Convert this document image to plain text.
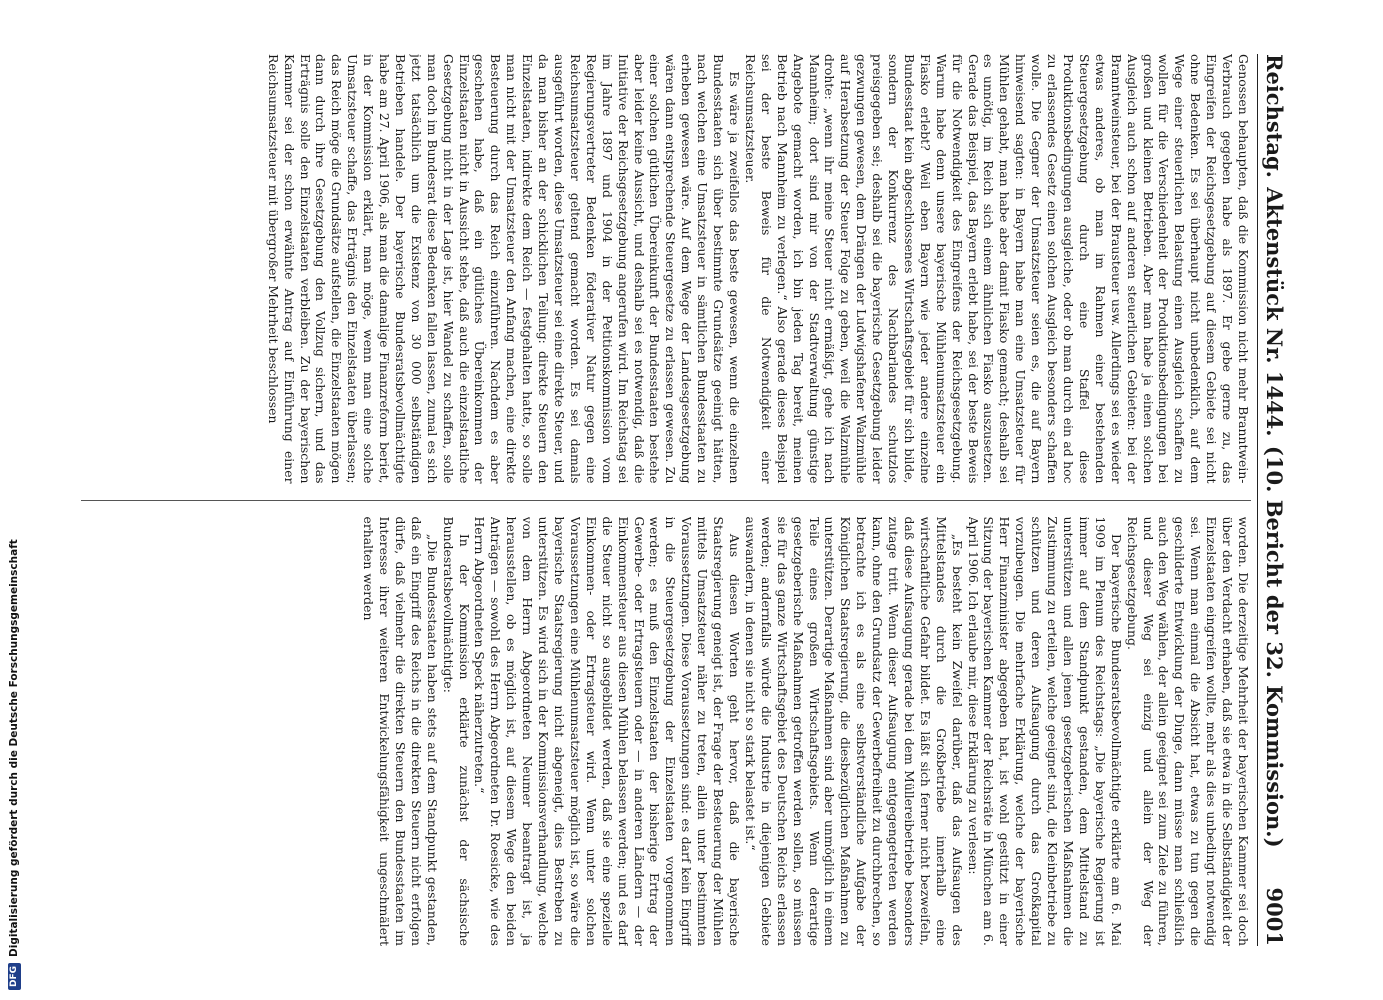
DFG
Digitalisierung gefördert durch die Deutsche Forschungsgemeinschaft
Reichstag.
Aktenstück Nr. 1444.
(10. Bericht der 32. Kommission.)
9001

Genossen behaupten, daß die Kommission nicht mehr Branntwein-Verbrauch gegeben habe als 1897. Er gebe gerne zu, das Eingreifen der Reichsgesetzgebung auf diesem Gebiete sei nicht ohne Bedenken. Es sei überhaupt nicht unbedenklich, auf dem Wege einer steuerlichen Belastung einen Ausgleich schaffen zu wollen für die Verschiedenheit der Produktionsbedingungen bei großen und kleinen Betrieben. Aber man habe ja einen solchen Ausgleich auch schon auf anderen steuerlichen Gebieten: bei der Branntweinsteuer, bei der Brausteuer usw. Allerdings sei es wieder etwas anderes, ob man im Rahmen einer bestehenden Steuergesetzgebung durch eine Staffel diese Produktionsbedingungen ausgleiche, oder ob man durch ein ad hoc zu erlassendes Gesetz einen solchen Ausgleich besonders schaffen wolle. Die Gegner der Umsatzsteuer seien es, die auf Bayern hinweisend sagten: in Bayern habe man eine Umsatzsteuer für Mühlen gehabt, man habe aber damit Fiasko gemacht; deshalb sei es unnötig, im Reich sich einem ähnlichen Fiasko auszusetzen. Gerade das Beispiel, das Bayern erlebt habe, sei der beste Beweis für die Notwendigkeit des Eingreifens der Reichsgesetzgebung. Warum habe denn unsere bayerische Mühlenumsatzsteuer ein Fiasko erlebt? Weil eben Bayern wie jeder andere einzelne Bundesstaat kein abgeschlossenes Wirtschaftsgebiet für sich bilde, sondern der Konkurrenz des Nachbarlandes schutzlos preisgegeben sei; deshalb sei die bayerische Gesetzgebung leider gezwungen gewesen, dem Drängen der Ludwigshafener Walzmühle auf Herabsetzung der Steuer Folge zu geben, weil die Walzmühle drohte: „wenn ihr meine Steuer nicht ermäßigt, gehe ich nach Mannheim; dort sind mir von der Stadtverwaltung günstige Angebote gemacht worden, ich bin jeden Tag bereit, meinen Betrieb nach Mannheim zu verlegen.“ Also gerade dieses Beispiel sei der beste Beweis für die Notwendigkeit einer Reichsumsatzsteuer.

Es wäre ja zweifellos das beste gewesen, wenn die einzelnen Bundesstaaten sich über bestimmte Grundsätze geeinigt hätten, nach welchen eine Umsatzsteuer in sämtlichen Bundesstaaten zu erheben gewesen wäre. Auf dem Wege der Landesgesetzgebung wären dann entsprechende Steuergesetze zu erlassen gewesen. Zu einer solchen gütlichen Übereinkunft der Bundesstaaten bestehe aber leider keine Aussicht, und deshalb sei es notwendig, daß die Initiative der Reichsgesetzgebung angerufen wird. Im Reichstag sei im Jahre 1897 und 1904 in der Petitionskommission vom Regierungsvertreter Bedenken föderativer Natur gegen eine Reichsumsatzsteuer geltend gemacht worden. Es sei damals ausgeführt worden, diese Umsatzsteuer sei eine direkte Steuer, und da man bisher an der schicklichen Teilung: direkte Steuern den Einzelstaaten, indirekte dem Reich — festgehalten hatte, so solle man nicht mit der Umsatzsteuer den Anfang machen, eine direkte Besteuerung durch das Reich einzuführen. Nachdem es aber geschehen habe, daß ein gütliches Übereinkommen der Einzelstaaten nicht in Aussicht stehe, daß auch die einzelstaatliche Gesetzgebung nicht in der Lage ist, hier Wandel zu schaffen, solle man doch im Bundesrat diese Bedenken fallen lassen, zumal es sich jetzt tatsächlich um die Existenz von 30 000 selbständigen Betrieben handele. Der bayerische Bundesratsbevollmächtigte habe am 27. April 1906, als man die damalige Finanzreform beriet, in der Kommission erklärt, man möge, wenn man eine solche Umsatzsteuer schaffe, das Erträgnis den Einzelstaaten überlassen; das Reich möge die Grundsätze aufstellen, die Einzelstaaten mögen dann durch ihre Gesetzgebung den Vollzug sichern, und das Erträgnis solle den Einzelstaaten verbleiben. Zu der bayerischen Kammer sei der schon erwähnte Antrag auf Einführung einer Reichsumsatzsteuer mit übergroßer Mehrheit beschlossen

worden. Die derzeitige Mehrheit der bayerischen Kammer sei doch über den Verdacht erhaben, daß sie etwa in die Selbständigkeit der Einzelstaaten eingreifen wollte, mehr als dies unbedingt notwendig sei. Wenn man einmal die Absicht hat, etwas zu tun gegen die geschilderte Entwicklung der Dinge, dann müsse man schließlich auch den Weg wählen, der allein geeignet sei zum Ziele zu führen, und dieser Weg sei einzig und allein der Weg der Reichsgesetzgebung.

Der bayerische Bundesratsbevollmächtigte erklärte am 6. Mai 1909 im Plenum des Reichstags: „Die bayerische Regierung ist immer auf dem Standpunkt gestanden, dem Mittelstand zu unterstützen und allen jenen gesetzgeberischen Maßnahmen die Zustimmung zu erteilen, welche geeignet sind, die Kleinbetriebe zu schützen und deren Aufsaugung durch das Großkapital vorzubeugen. Die mehrfache Erklärung, welche der bayerische Herr Finanzminister abgegeben hat, ist wohl gestützt in einer Sitzung der bayerischen Kammer der Reichsräte in München am 6. April 1906. Ich erlaube mir, diese Erklärung zu verlesen:

„Es besteht kein Zweifel darüber, daß das Aufsaugen des Mittelstandes durch die Großbetriebe innerhalb eine wirtschaftliche Gefahr bildet. Es läßt sich ferner nicht bezweifeln, daß diese Aufsaugung gerade bei dem Müllereibetriebe besonders zutage tritt. Wenn dieser Aufsaugung entgegengetreten werden kann, ohne den Grundsatz der Gewerbefreiheit zu durchbrechen, so betrachte ich es als eine selbstverständliche Aufgabe der Königlichen Staatsregierung, die diesbezüglichen Maßnahmen zu unterstützen. Derartige Maßnahmen sind aber unmöglich in einem Teile eines großen Wirtschaftsgebiets. Wenn derartige gesetzgeberische Maßnahmen getroffen werden sollen, so müssen sie für das ganze Wirtschaftsgebiet des Deutschen Reichs erlassen werden; andernfalls würde die Industrie in diejenigen Gebiete auswandern, in denen sie nicht so stark belastet ist.“

Aus diesen Worten geht hervor, daß die bayerische Staatsregierung geneigt ist, der Frage der Besteuerung der Mühlen mittels Umsatzsteuer näher zu treten, allein unter bestimmten Voraussetzungen. Diese Voraussetzungen sind: es darf kein Eingriff in die Steuergesetzgebung der Einzelstaaten vorgenommen werden; es muß den Einzelstaaten der bisherige Ertrag der Gewerbe- oder Ertragsteuern oder — in anderen Ländern — der Einkommensteuer aus diesen Mühlen belassen werden; und es darf die Steuer nicht so ausgebildet werden, daß sie eine spezielle Einkommen- oder Ertragsteuer wird. Wenn unter solchen Voraussetzungen eine Mühlenumsatzsteuer möglich ist, so wäre die bayerische Staatsregierung nicht abgeneigt, dies Bestreben zu unterstützen. Es wird sich in der Kommissionsverhandlung, welche von dem Herrn Abgeordneten Neumer beantragt ist, ja herausstellen, ob es möglich ist, auf diesem Wege den beiden Anträgen — sowohl des Herrn Abgeordneten Dr. Roesicke, wie des Herrn Abgeordneten Speck näherzutreten.“

In der Kommission erklärte zunächst der sächsische Bundesratsbevollmächtigte:

„Die Bundesstaaten haben stets auf dem Standpunkt gestanden, daß ein Eingriff des Reichs in die direkten Steuern nicht erfolgen dürfe, daß vielmehr die direkten Steuern den Bundesstaaten im Interesse ihrer weiteren Entwickelungsfähigkeit ungeschmälert erhalten werden
